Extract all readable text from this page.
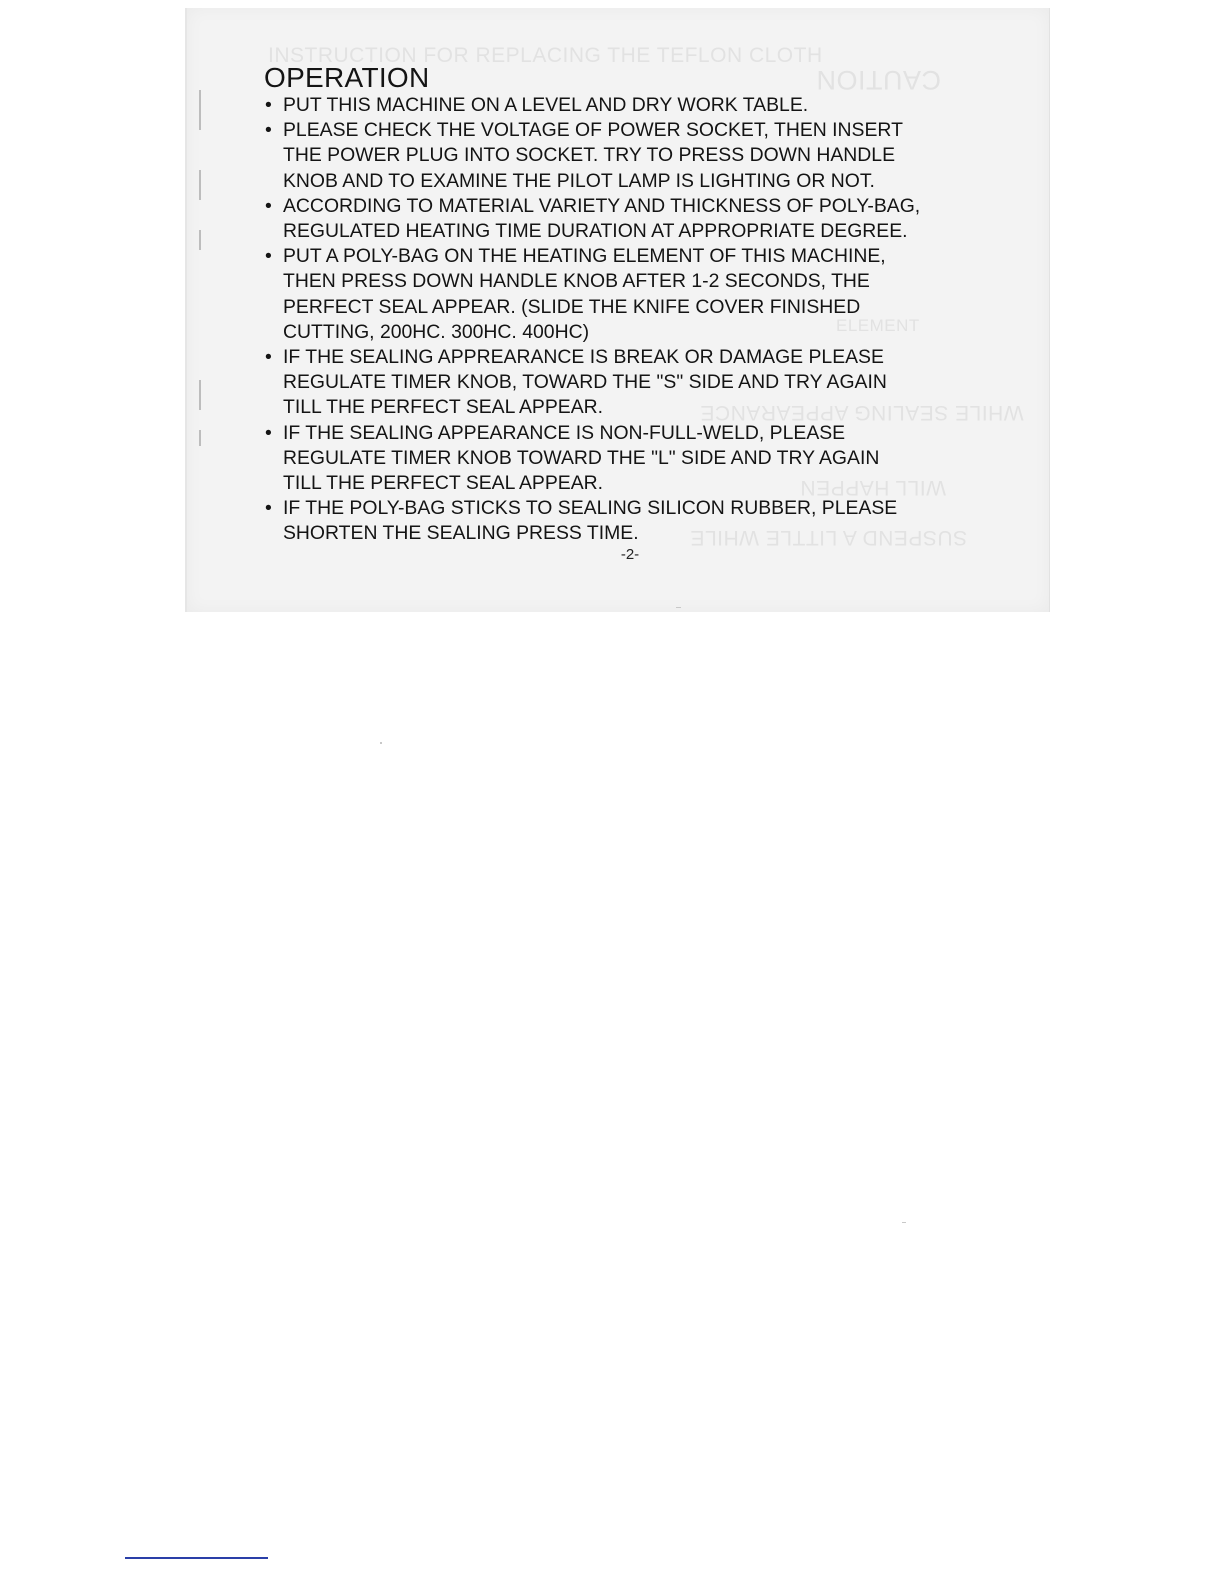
INSTRUCTION FOR REPLACING THE TEFLON CLOTH
CAUTION
SUSPEND A LITTLE WHILE
WILL HAPPEN
WHILE SEALING APPEARANCE
ELEMENT
OPERATION
• PUT THIS MACHINE ON A LEVEL AND DRY WORK TABLE.
• PLEASE CHECK THE VOLTAGE OF POWER SOCKET, THEN INSERT
THE POWER PLUG INTO SOCKET. TRY TO PRESS DOWN HANDLE
KNOB AND TO EXAMINE THE PILOT LAMP IS LIGHTING OR NOT.
• ACCORDING TO MATERIAL VARIETY AND THICKNESS OF POLY-BAG,
REGULATED HEATING TIME DURATION AT APPROPRIATE DEGREE.
• PUT A POLY-BAG ON THE HEATING ELEMENT OF THIS MACHINE,
THEN PRESS DOWN HANDLE KNOB AFTER 1-2 SECONDS, THE
PERFECT SEAL APPEAR. (SLIDE THE KNIFE COVER FINISHED
CUTTING, 200HC. 300HC. 400HC)
• IF THE SEALING APPREARANCE IS BREAK OR DAMAGE PLEASE
REGULATE TIMER KNOB, TOWARD THE "S" SIDE AND TRY AGAIN
TILL THE PERFECT SEAL APPEAR.
• IF THE SEALING APPEARANCE IS NON-FULL-WELD, PLEASE
REGULATE TIMER KNOB TOWARD THE "L" SIDE AND TRY AGAIN
TILL THE PERFECT SEAL APPEAR.
• IF THE POLY-BAG STICKS TO SEALING SILICON RUBBER, PLEASE
SHORTEN THE SEALING PRESS TIME.
-2-
